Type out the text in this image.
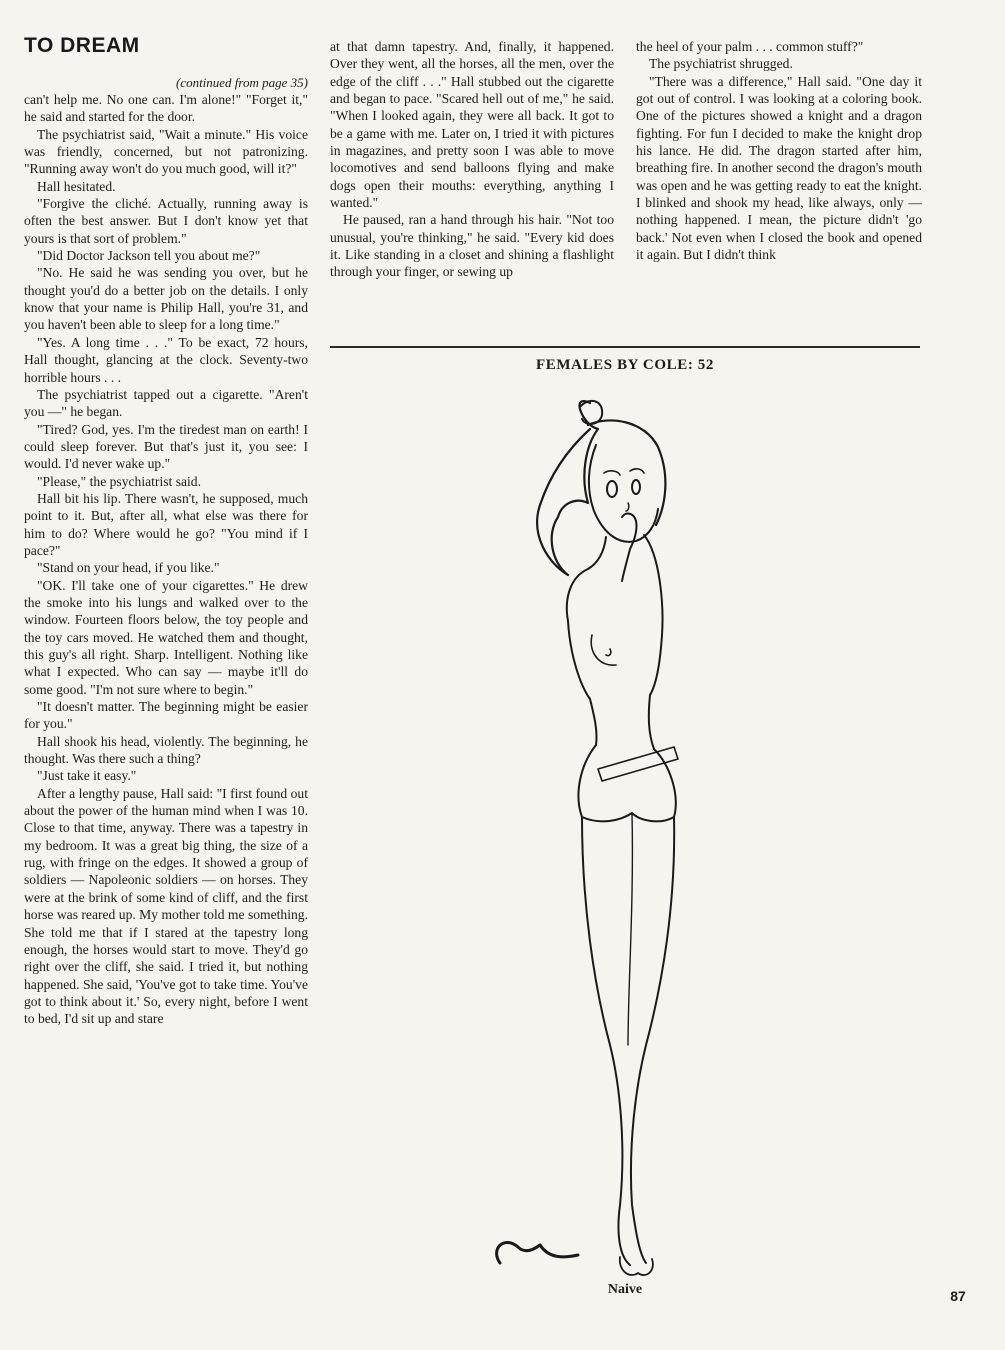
TO DREAM
(continued from page 35)

can't help me. No one can. I'm alone!" "Forget it," he said and started for the door.

The psychiatrist said, "Wait a minute." His voice was friendly, concerned, but not patronizing. "Running away won't do you much good, will it?"

Hall hesitated.

"Forgive the cliché. Actually, running away is often the best answer. But I don't know yet that yours is that sort of problem."

"Did Doctor Jackson tell you about me?"

"No. He said he was sending you over, but he thought you'd do a better job on the details. I only know that your name is Philip Hall, you're 31, and you haven't been able to sleep for a long time."

"Yes. A long time . . ." To be exact, 72 hours, Hall thought, glancing at the clock. Seventy-two horrible hours . . .

The psychiatrist tapped out a cigarette. "Aren't you —" he began.

"Tired? God, yes. I'm the tiredest man on earth! I could sleep forever. But that's just it, you see: I would. I'd never wake up."

"Please," the psychiatrist said.

Hall bit his lip. There wasn't, he supposed, much point to it. But, after all, what else was there for him to do? Where would he go? "You mind if I pace?"

"Stand on your head, if you like."

"OK. I'll take one of your cigarettes." He drew the smoke into his lungs and walked over to the window. Fourteen floors below, the toy people and the toy cars moved. He watched them and thought, this guy's all right. Sharp. Intelligent. Nothing like what I expected. Who can say — maybe it'll do some good. "I'm not sure where to begin."

"It doesn't matter. The beginning might be easier for you."

Hall shook his head, violently. The beginning, he thought. Was there such a thing?

"Just take it easy."

After a lengthy pause, Hall said: "I first found out about the power of the human mind when I was 10. Close to that time, anyway. There was a tapestry in my bedroom. It was a great big thing, the size of a rug, with fringe on the edges. It showed a group of soldiers — Napoleonic soldiers — on horses. They were at the brink of some kind of cliff, and the first horse was reared up. My mother told me something. She told me that if I stared at the tapestry long enough, the horses would start to move. They'd go right over the cliff, she said. I tried it, but nothing happened. She said, 'You've got to take time. You've got to think about it.' So, every night, before I went to bed, I'd sit up and stare

at that damn tapestry. And, finally, it happened. Over they went, all the horses, all the men, over the edge of the cliff . . ." Hall stubbed out the cigarette and began to pace. "Scared hell out of me," he said. "When I looked again, they were all back. It got to be a game with me. Later on, I tried it with pictures in magazines, and pretty soon I was able to move locomotives and send balloons flying and make dogs open their mouths: everything, anything I wanted."

He paused, ran a hand through his hair. "Not too unusual, you're thinking," he said. "Every kid does it. Like standing in a closet and shining a flashlight through your finger, or sewing up

the heel of your palm . . . common stuff?"

The psychiatrist shrugged.

"There was a difference," Hall said. "One day it got out of control. I was looking at a coloring book. One of the pictures showed a knight and a dragon fighting. For fun I decided to make the knight drop his lance. He did. The dragon started after him, breathing fire. In another second the dragon's mouth was open and he was getting ready to eat the knight. I blinked and shook my head, like always, only — nothing happened. I mean, the picture didn't 'go back.' Not even when I closed the book and opened it again. But I didn't think

FEMALES BY COLE: 52
Naive	87
